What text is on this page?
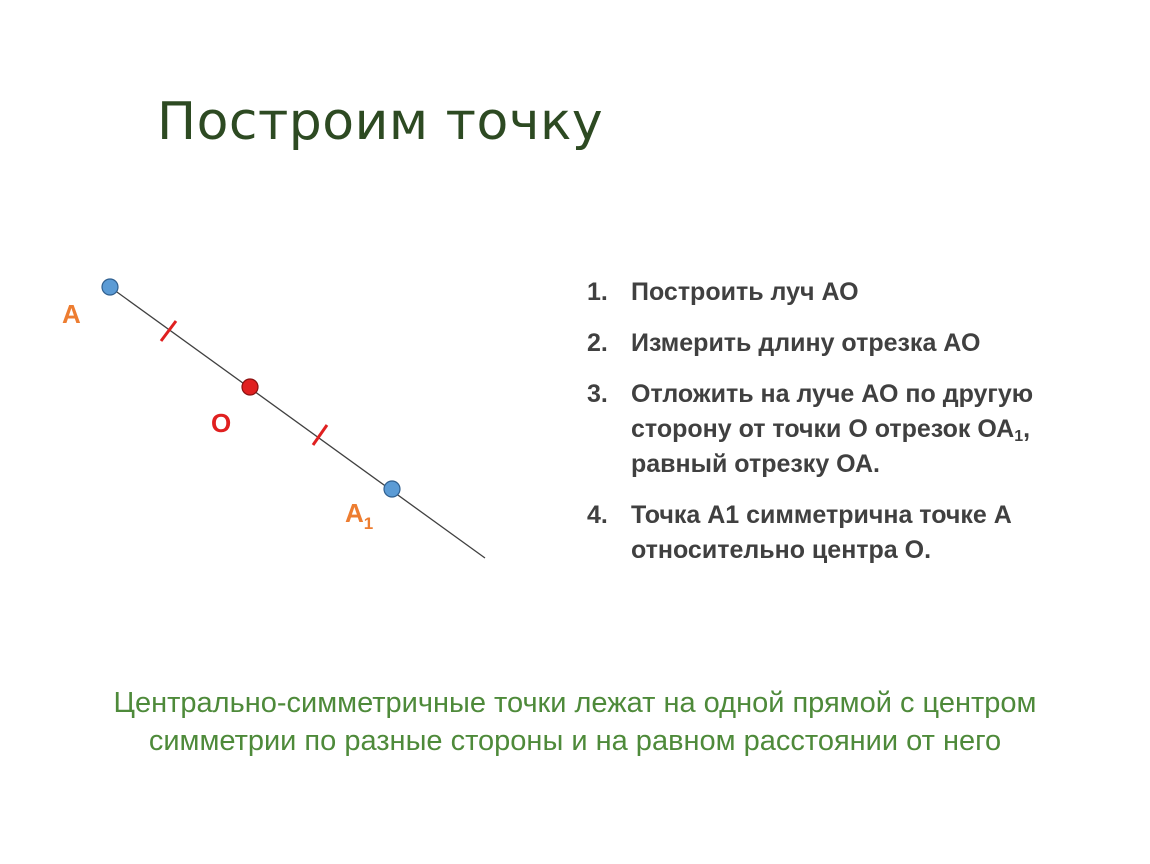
Построим точку
А
О
$А_1$
1. Построить луч АО
2. Измерить длину отрезка АО
3. Отложить на луче АО по другую сторону от точки О отрезок $ОА_1$, равный отрезку ОА.
4. Точка А1 симметрична точке А относительно центра О.

Центрально-симметричные точки лежат на одной прямой с центром
симметрии по разные стороны и на равном расстоянии от него
